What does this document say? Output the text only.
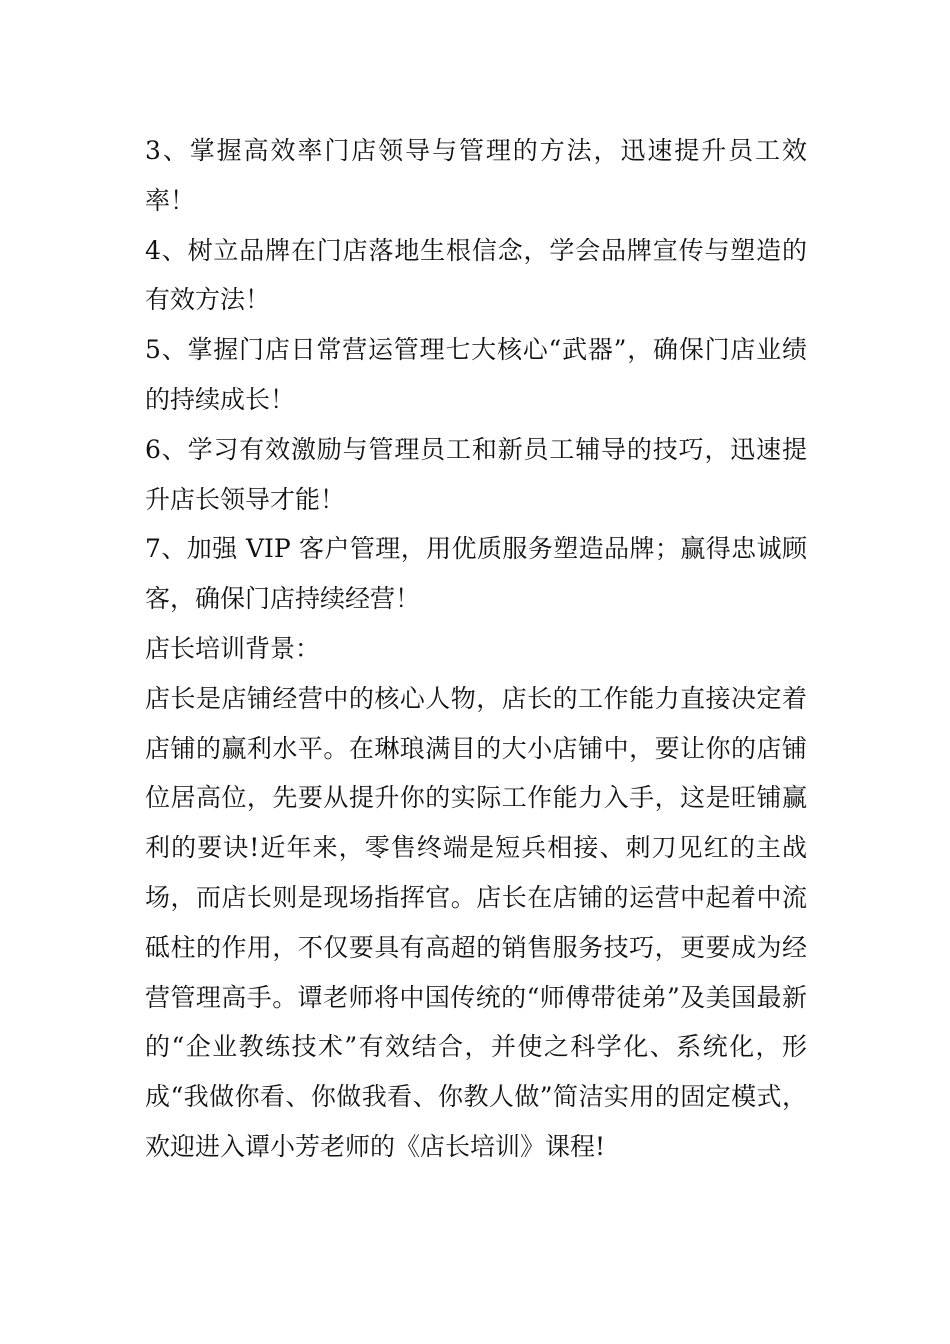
3、掌握高效率门店领导与管理的方法，迅速提升员工效率！

4、树立品牌在门店落地生根信念，学会品牌宣传与塑造的有效方法！

5、掌握门店日常营运管理七大核心“武器”，确保门店业绩的持续成长！

6、学习有效激励与管理员工和新员工辅导的技巧，迅速提升店长领导才能！

7、加强 VIP 客户管理，用优质服务塑造品牌；赢得忠诚顾客，确保门店持续经营！

店长培训背景：

店长是店铺经营中的核心人物，店长的工作能力直接决定着店铺的赢利水平。在琳琅满目的大小店铺中，要让你的店铺位居高位，先要从提升你的实际工作能力入手，这是旺铺赢利的要诀!近年来，零售终端是短兵相接、刺刀见红的主战场，而店长则是现场指挥官。店长在店铺的运营中起着中流砥柱的作用，不仅要具有高超的销售服务技巧，更要成为经营管理高手。谭老师将中国传统的“师傅带徒弟”及美国最新的“企业教练技术”有效结合，并使之科学化、系统化，形成“我做你看、你做我看、你教人做”简洁实用的固定模式，欢迎进入谭小芳老师的《店长培训》课程!
